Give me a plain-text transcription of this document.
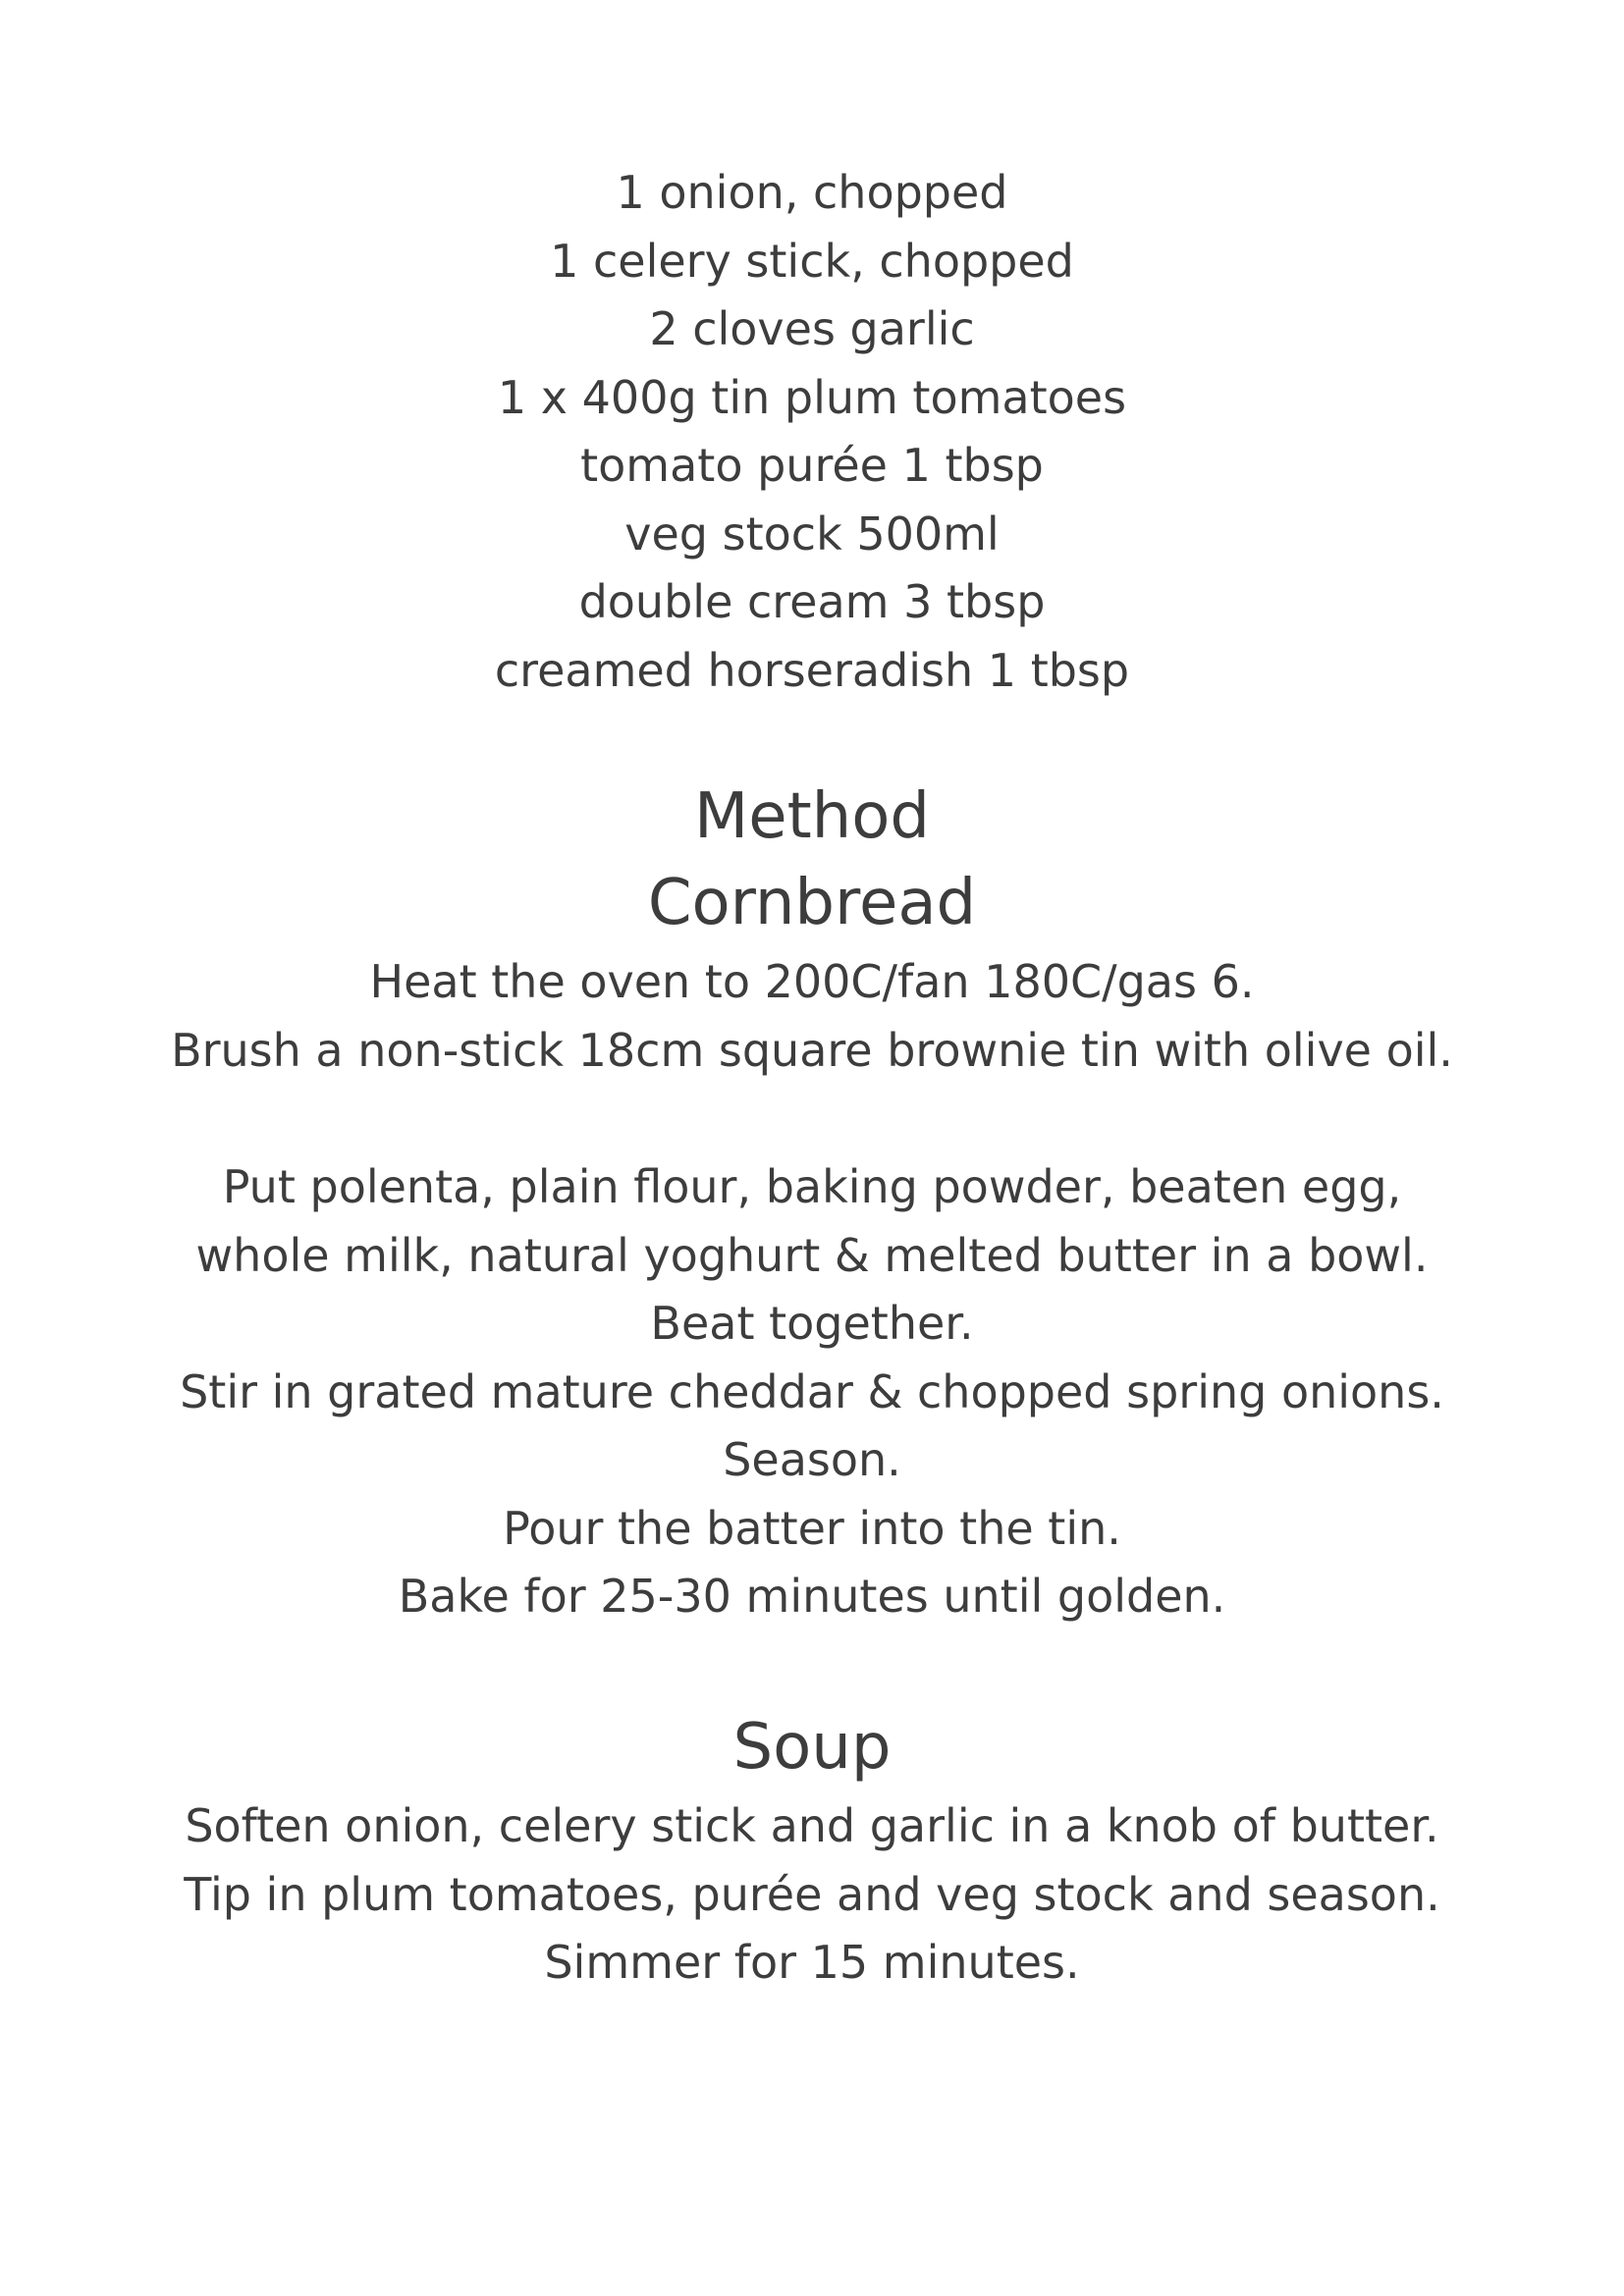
1 onion, chopped
1 celery stick, chopped
2 cloves garlic
1 x 400g tin plum tomatoes
tomato purée 1 tbsp
veg stock 500ml
double cream 3 tbsp
creamed horseradish 1 tbsp
Method
Cornbread
Heat the oven to 200C/fan 180C/gas 6.
Brush a non-stick 18cm square brownie tin with olive oil.
Put polenta, plain flour, baking powder, beaten egg,
whole milk, natural yoghurt & melted butter in a bowl.
Beat together.
Stir in grated mature cheddar & chopped spring onions.
Season.
Pour the batter into the tin.
Bake for 25-30 minutes until golden.
Soup
Soften onion, celery stick and garlic in a knob of butter.
Tip in plum tomatoes, purée and veg stock and season.
Simmer for 15 minutes.
